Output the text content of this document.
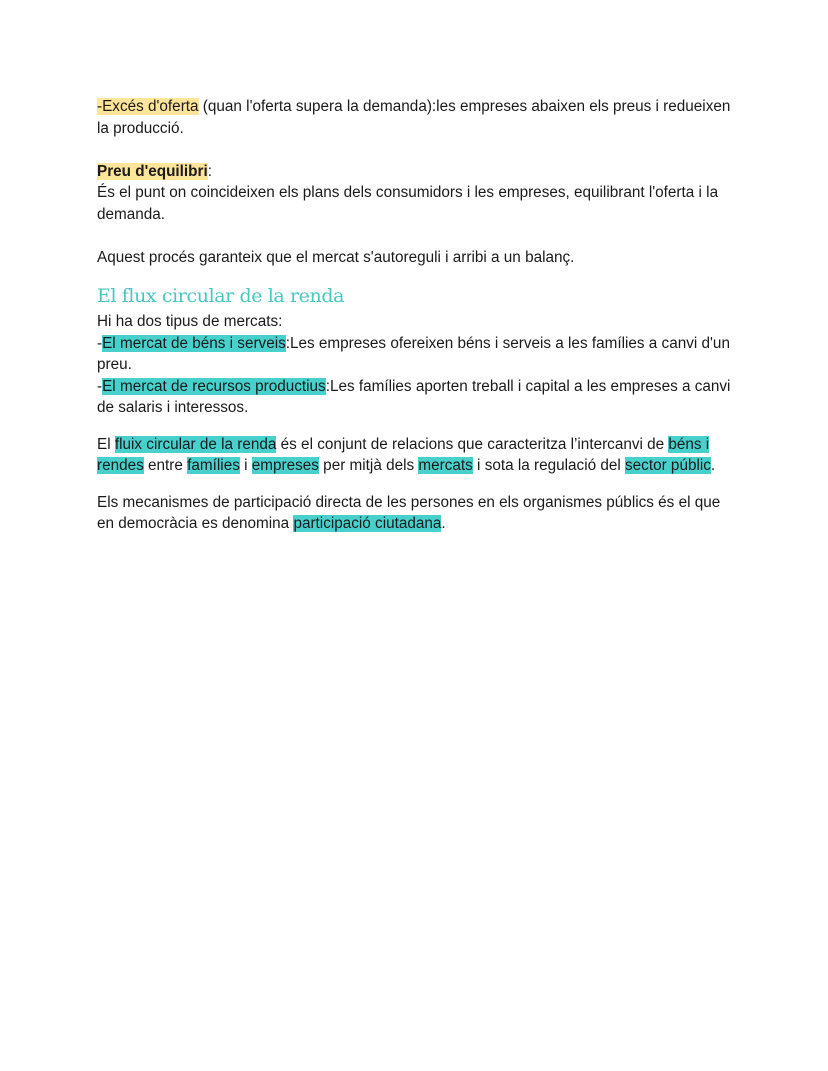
-Excés d'oferta (quan l'oferta supera la demanda):les empreses abaixen els preus i redueixen la producció.

Preu d'equilibri:

És el punt on coincideixen els plans dels consumidors i les empreses, equilibrant l'oferta i la demanda.

Aquest procés garanteix que el mercat s'autoreguli i arribi a un balanç.

El flux circular de la renda

Hi ha dos tipus de mercats:

-El mercat de béns i serveis:Les empreses ofereixen béns i serveis a les famílies a canvi d'un preu.

-El mercat de recursos productius:Les famílies aporten treball i capital a les empreses a canvi de salaris i interessos.

El fluix circular de la renda és el conjunt de relacions que caracteritza l’intercanvi de béns i rendes entre famílies i empreses per mitjà dels mercats i sota la regulació del sector públic.

Els mecanismes de participació directa de les persones en els organismes públics és el que en democràcia es denomina participació ciutadana.
